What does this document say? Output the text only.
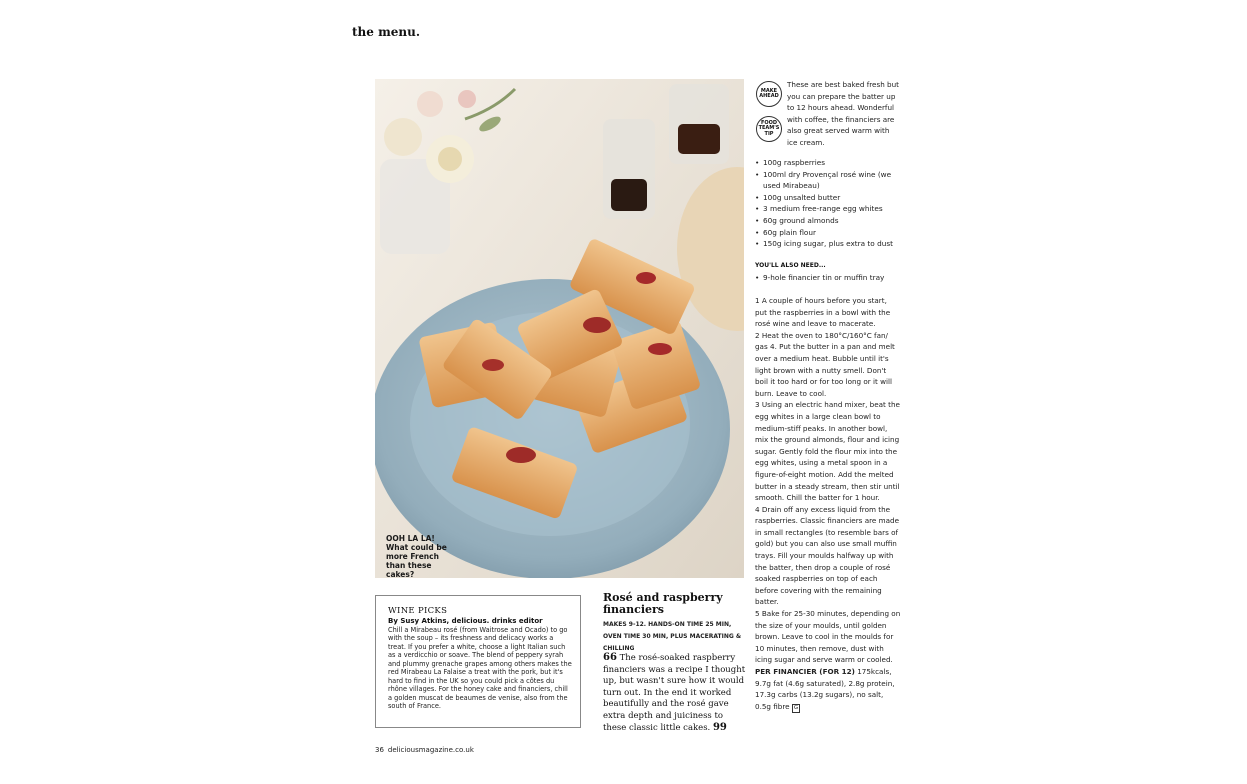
the menu.
OOH LA LA! What could be more French than these cakes?
WINE PICKS
By Susy Atkins, delicious. drinks editor
Chill a Mirabeau rosé (from Waitrose and Ocado) to go with the soup – its freshness and delicacy works a treat. If you prefer a white, choose a light Italian such as a verdicchio or soave. The blend of peppery syrah and plummy grenache grapes among others makes the red Mirabeau La Falaise a treat with the pork, but it's hard to find in the UK so you could pick a côtes du rhône villages. For the honey cake and financiers, chill a golden muscat de beaumes de venise, also from the south of France.
Rosé and raspberry financiers
MAKES 9-12. HANDS-ON TIME 25 MIN, OVEN TIME 30 MIN, PLUS MACERATING & CHILLING
66 The rosé-soaked raspberry financiers was a recipe I thought up, but wasn't sure how it would turn out. In the end it worked beautifully and the rosé gave extra depth and juiciness to these classic little cakes. 99
MAKE AHEAD
FOOD TEAM'S TIP
These are best baked fresh but you can prepare the batter up to 12 hours ahead. Wonderful with coffee, the financiers are also great served warm with ice cream.
• 100g raspberries
• 100ml dry Provençal rosé wine (we used Mirabeau)
• 100g unsalted butter
• 3 medium free-range egg whites
• 60g ground almonds
• 60g plain flour
• 150g icing sugar, plus extra to dust
YOU'LL ALSO NEED...
• 9-hole financier tin or muffin tray

1 A couple of hours before you start, put the raspberries in a bowl with the rosé wine and leave to macerate.

2 Heat the oven to 180°C/160°C fan/ gas 4. Put the butter in a pan and melt over a medium heat. Bubble until it's light brown with a nutty smell. Don't boil it too hard or for too long or it will burn. Leave to cool.

3 Using an electric hand mixer, beat the egg whites in a large clean bowl to medium-stiff peaks. In another bowl, mix the ground almonds, flour and icing sugar. Gently fold the flour mix into the egg whites, using a metal spoon in a figure-of-eight motion. Add the melted butter in a steady stream, then stir until smooth. Chill the batter for 1 hour.

4 Drain off any excess liquid from the raspberries. Classic financiers are made in small rectangles (to resemble bars of gold) but you can also use small muffin trays. Fill your moulds halfway up with the batter, then drop a couple of rosé soaked raspberries on top of each before covering with the remaining batter.

5 Bake for 25-30 minutes, depending on the size of your moulds, until golden brown. Leave to cool in the moulds for 10 minutes, then remove, dust with icing sugar and serve warm or cooled.

PER FINANCIER (FOR 12) 175kcals, 9.7g fat (4.6g saturated), 2.8g protein, 17.3g carbs (13.2g sugars), no salt, 0.5g fibre G

36 deliciousmagazine.co.uk
